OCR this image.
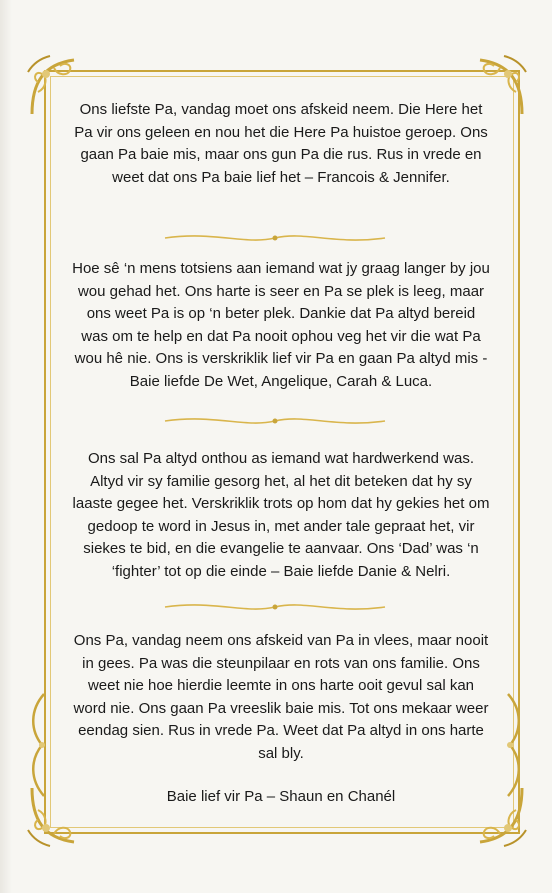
Ons liefste Pa, vandag moet ons afskeid neem. Die Here het Pa vir ons geleen en nou het die Here Pa huistoe geroep. Ons gaan Pa baie mis, maar ons gun Pa die rus. Rus in vrede en weet dat ons Pa baie lief het – Francois & Jennifer.
Hoe sê ‘n mens totsiens aan iemand wat jy graag langer by jou wou gehad het. Ons harte is seer en Pa se plek is leeg, maar ons weet Pa is op ‘n beter plek. Dankie dat Pa altyd bereid was om te help en dat Pa nooit ophou veg het vir die wat Pa wou hê nie. Ons is verskriklik lief vir Pa en gaan Pa altyd mis - Baie liefde De Wet, Angelique, Carah & Luca.
Ons sal Pa altyd onthou as iemand wat hardwerkend was. Altyd vir sy familie gesorg het, al het dit beteken dat hy sy laaste gegee het. Verskriklik trots op hom dat hy gekies het om gedoop te word in Jesus in, met ander tale gepraat het, vir siekes te bid, en die evangelie te aanvaar. Ons ‘Dad’ was ‘n ‘fighter’ tot op die einde – Baie liefde Danie & Nelri.
Ons Pa, vandag neem ons afskeid van Pa in vlees, maar nooit in gees. Pa was die steunpilaar en rots van ons familie. Ons weet nie hoe hierdie leemte in ons harte ooit gevul sal kan word nie. Ons gaan Pa vreeslik baie mis. Tot ons mekaar weer eendag sien. Rus in vrede Pa. Weet dat Pa altyd in ons harte sal bly.
Baie lief vir Pa – Shaun en Chanél
